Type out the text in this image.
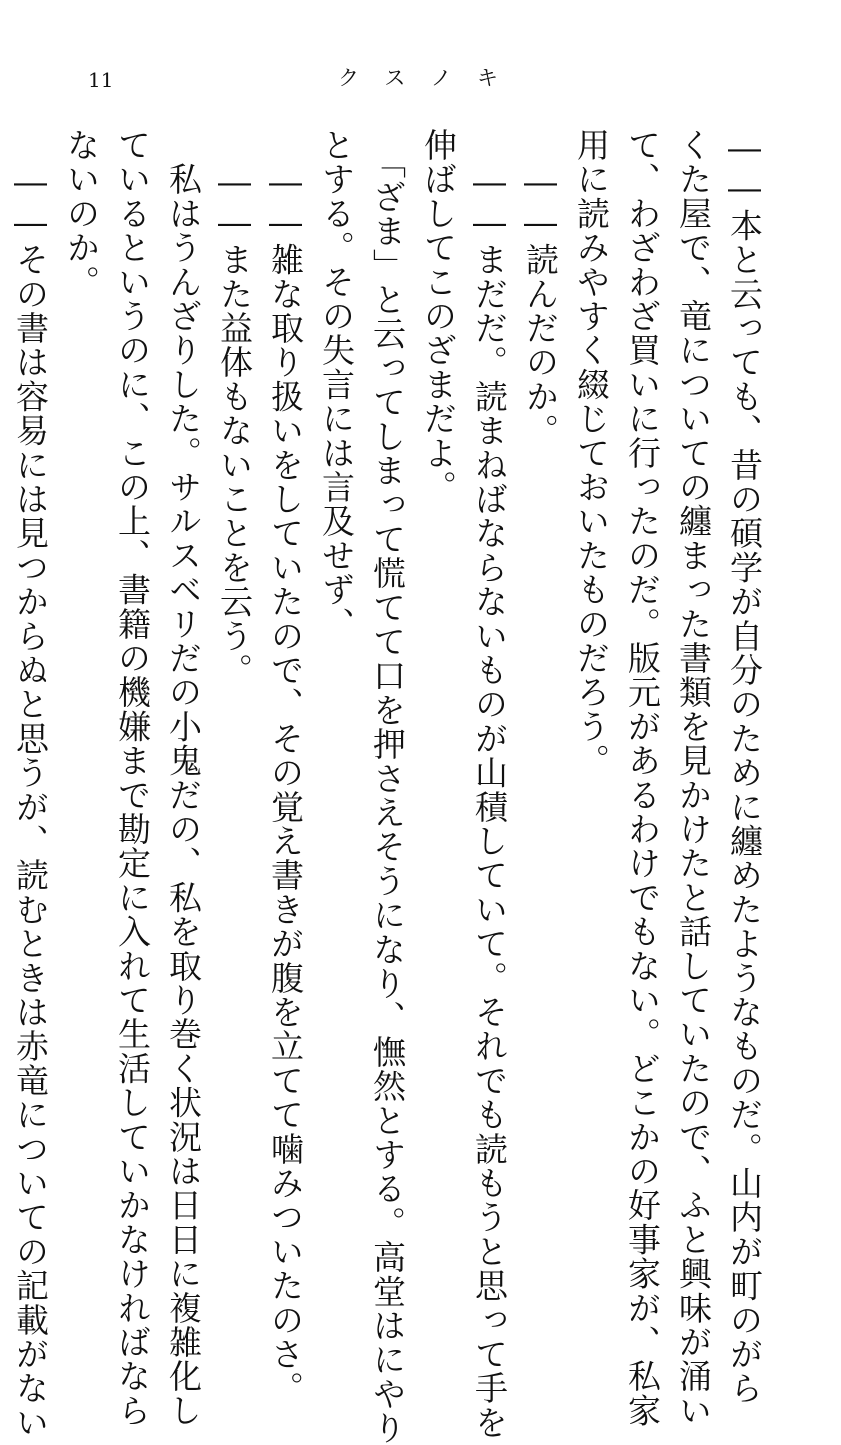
11	ク ス ノ キ

――本と云っても、昔の碩学が自分のために纏めたようなものだ。山内が町のがら

くた屋で、竜についての纏まった書類を見かけたと話していたので、ふと興味が涌い

て、わざわざ買いに行ったのだ。版元があるわけでもない。どこかの好事家が、私家

用に読みやすく綴じておいたものだろう。

　――読んだのか。

　――まだだ。読まねばならないものが山積していて。それでも読もうと思って手を

伸ばしてこのざまだよ。

　「ざま」と云ってしまって慌てて口を押さえそうになり、憮然とする。高堂はにやり

とする。その失言には言及せず、

　――雑な取り扱いをしていたので、その覚え書きが腹を立てて噛みついたのさ。

　――また益体もないことを云う。

　私はうんざりした。サルスベリだの小鬼だの、私を取り巻く状況は日日に複雑化し

ているというのに、この上、書籍の機嫌まで勘定に入れて生活していかなければなら

ないのか。

　――その書は容易には見つからぬと思うが、読むときは赤竜についての記載がない
